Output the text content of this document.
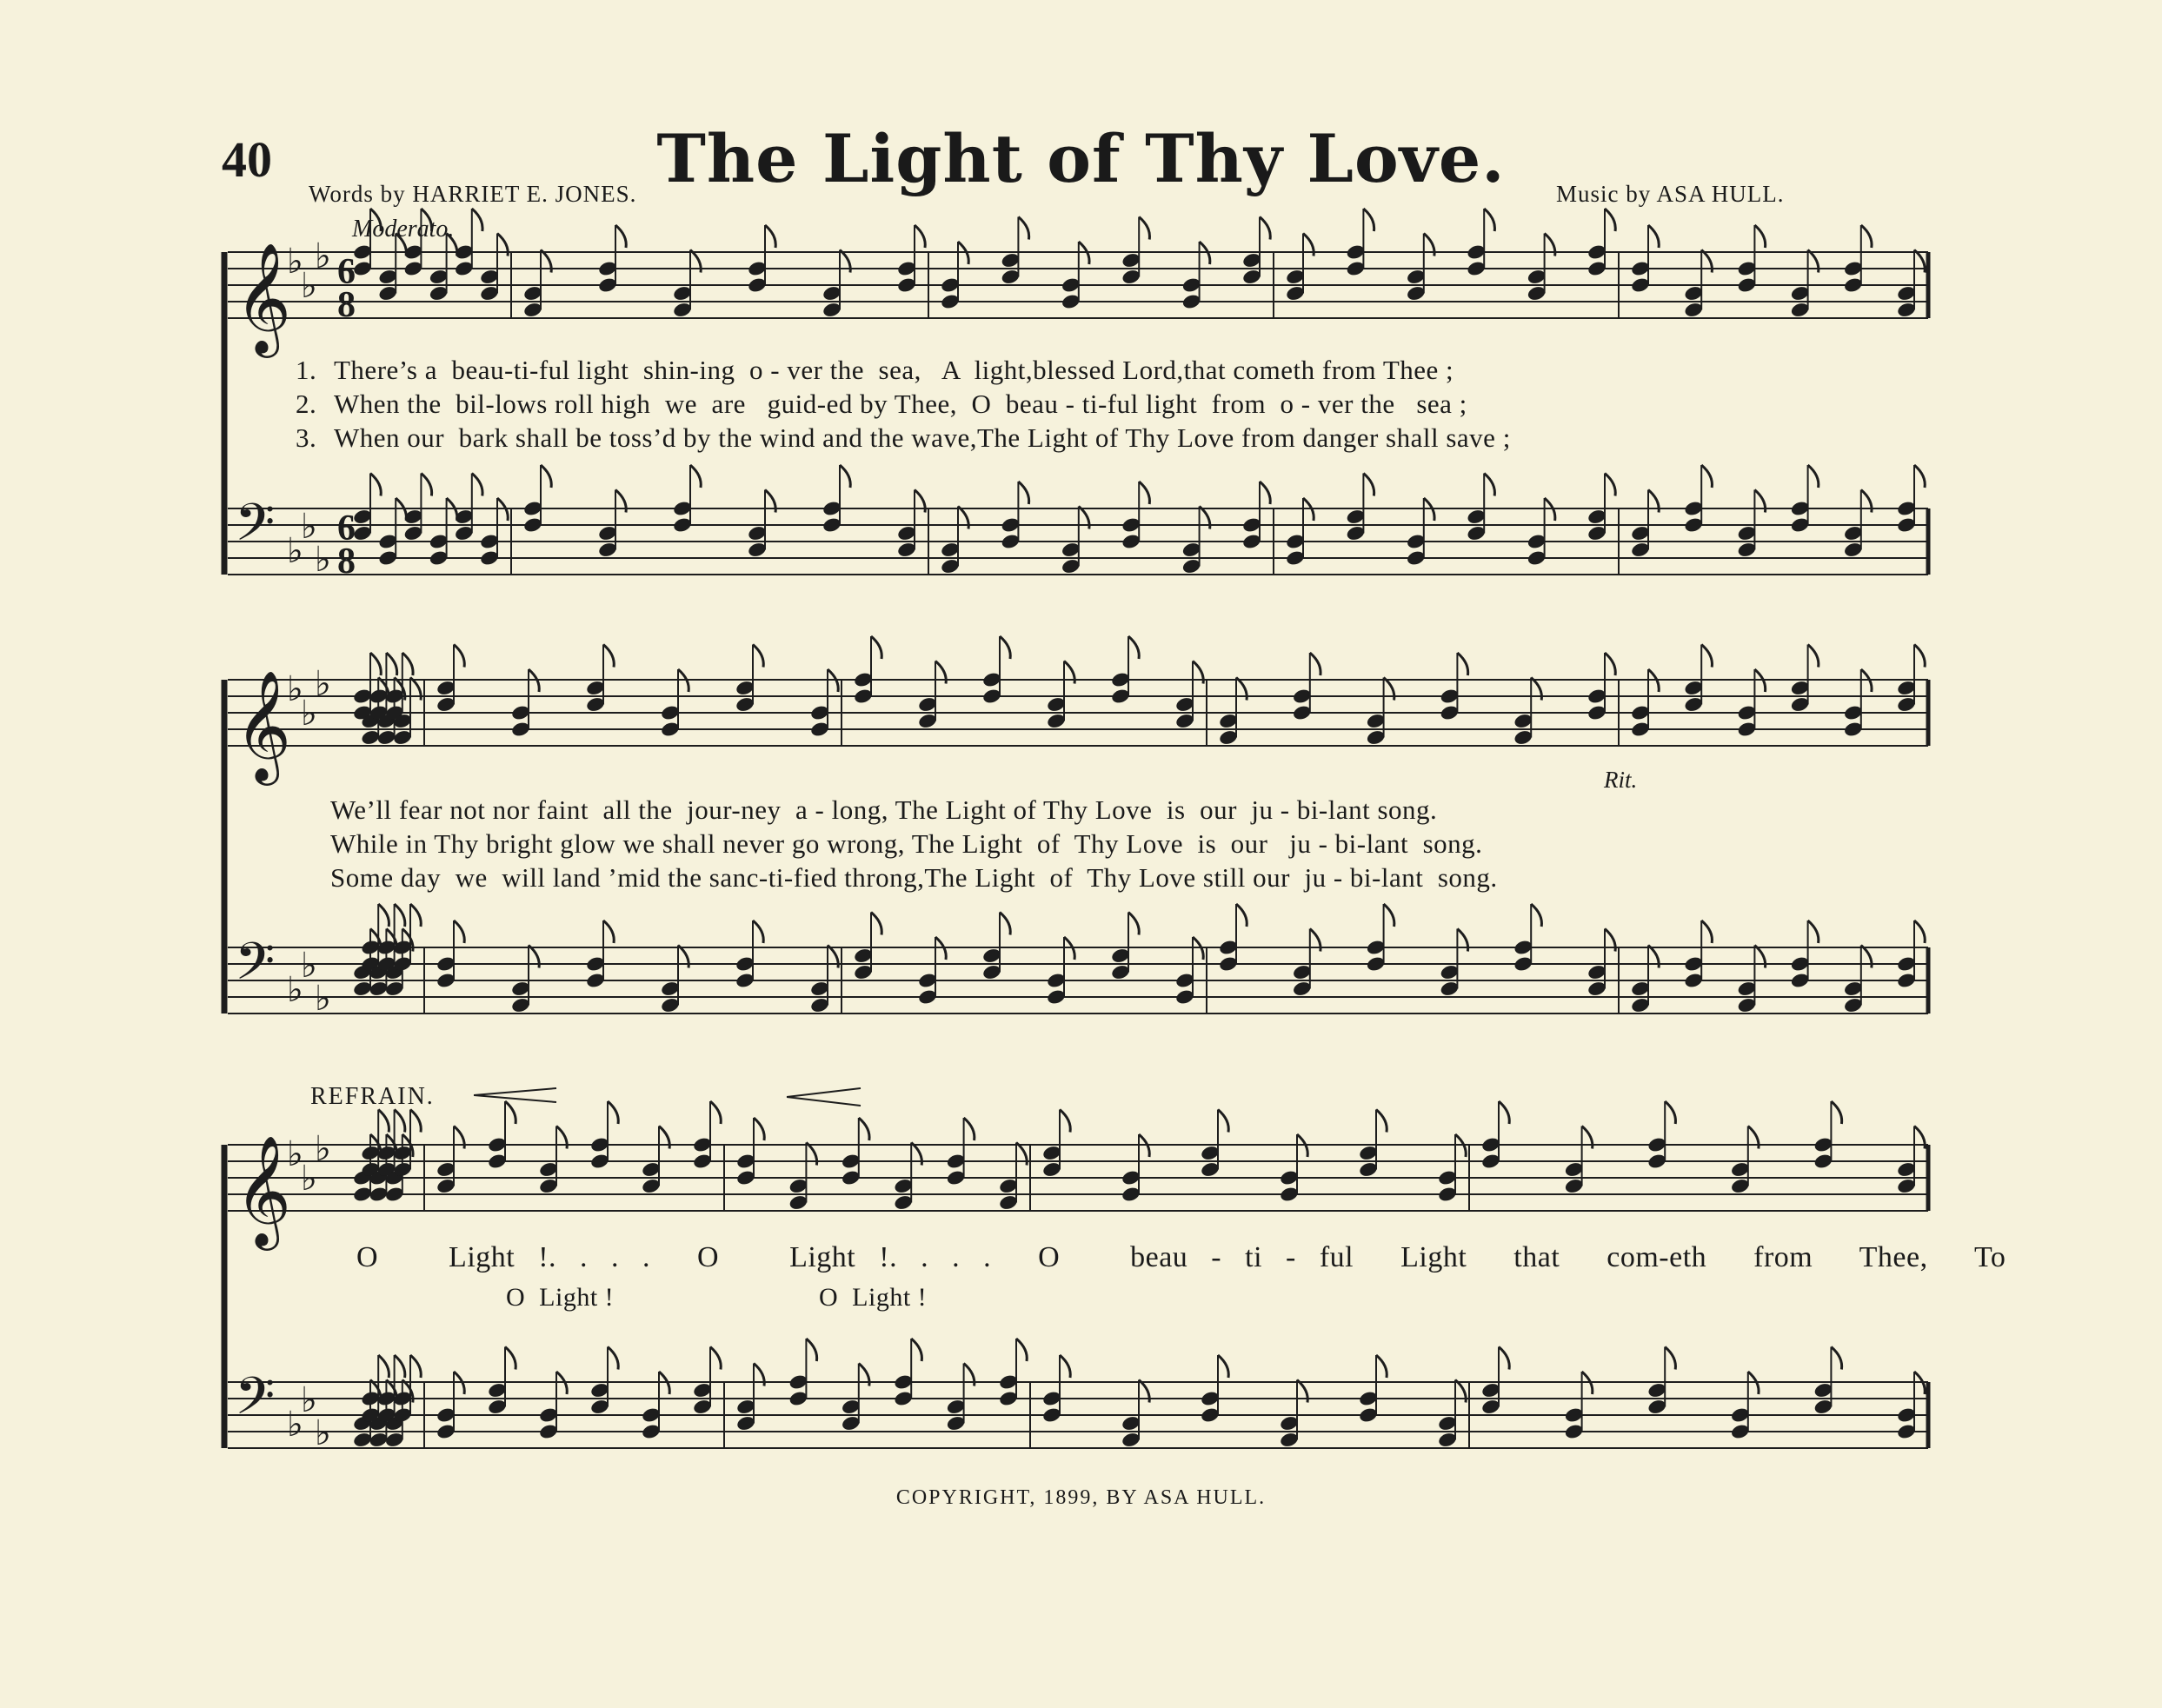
40	The Light of Thy Love.
Words by HARRIET E. JONES.	Music by ASA HULL.
Moderato.
1. There’s a  beau-ti-ful light  shin-ing  o - ver the  sea,   A  light,blessed Lord,that cometh from Thee ;
2. When the  bil-lows roll high  we  are   guid-ed by Thee,  O  beau - ti-ful light  from  o - ver the   sea ;
3. When our  bark shall be toss’d by the wind and the wave,The Light of Thy Love from danger shall save ;
We’ll fear not nor faint  all the  jour-ney  a - long, The Light of Thy Love  is  our  ju - bi-lant song.
While in Thy bright glow we shall never go wrong, The Light  of  Thy Love  is  our   ju - bi-lant  song.
Some day  we  will land ’mid the sanc-ti-fied throng,The Light  of  Thy Love still our  ju - bi-lant  song.
Rit.
REFRAIN.
O   Light !. . . .  O   Light !. . . .  O   beau - ti - ful  Light  that  com-eth  from  Thee,  To
O  Light !	O  Light !
COPYRIGHT, 1899, BY ASA HULL.
𝄞
♭
♭
♭
𝄢 ♭
♭
♭
𝄞
♭
♭
♭
𝄢 ♭
♭
♭
𝄞
♭
♭
♭
𝄢 ♭
♭
♭
6
8
6
8
